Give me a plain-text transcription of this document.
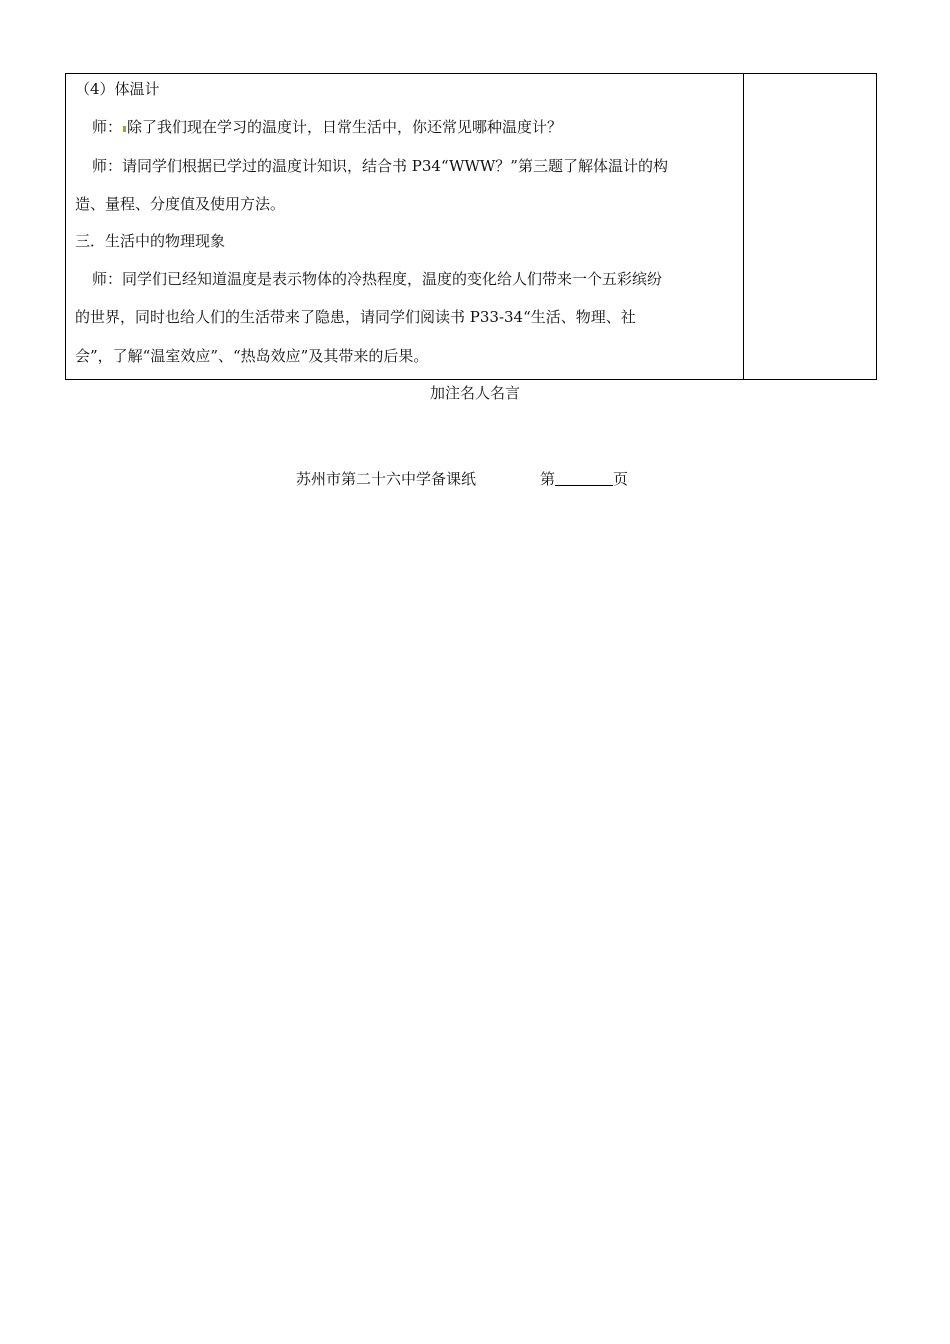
（4）体温计
师： 除了我们现在学习的温度计，日常生活中，你还常见哪种温度计？
师：请同学们根据已学过的温度计知识，结合书 P34“WWW？”第三题了解体温计的构
造、量程、分度值及使用方法。
三．生活中的物理现象
师：同学们已经知道温度是表示物体的冷热程度，温度的变化给人们带来一个五彩缤纷
的世界，同时也给人们的生活带来了隐患，请同学们阅读书 P33-34“生活、物理、社
会”，了解“温室效应”、“热岛效应”及其带来的后果。
加注名人名言
苏州市第二十六中学备课纸	第	页
